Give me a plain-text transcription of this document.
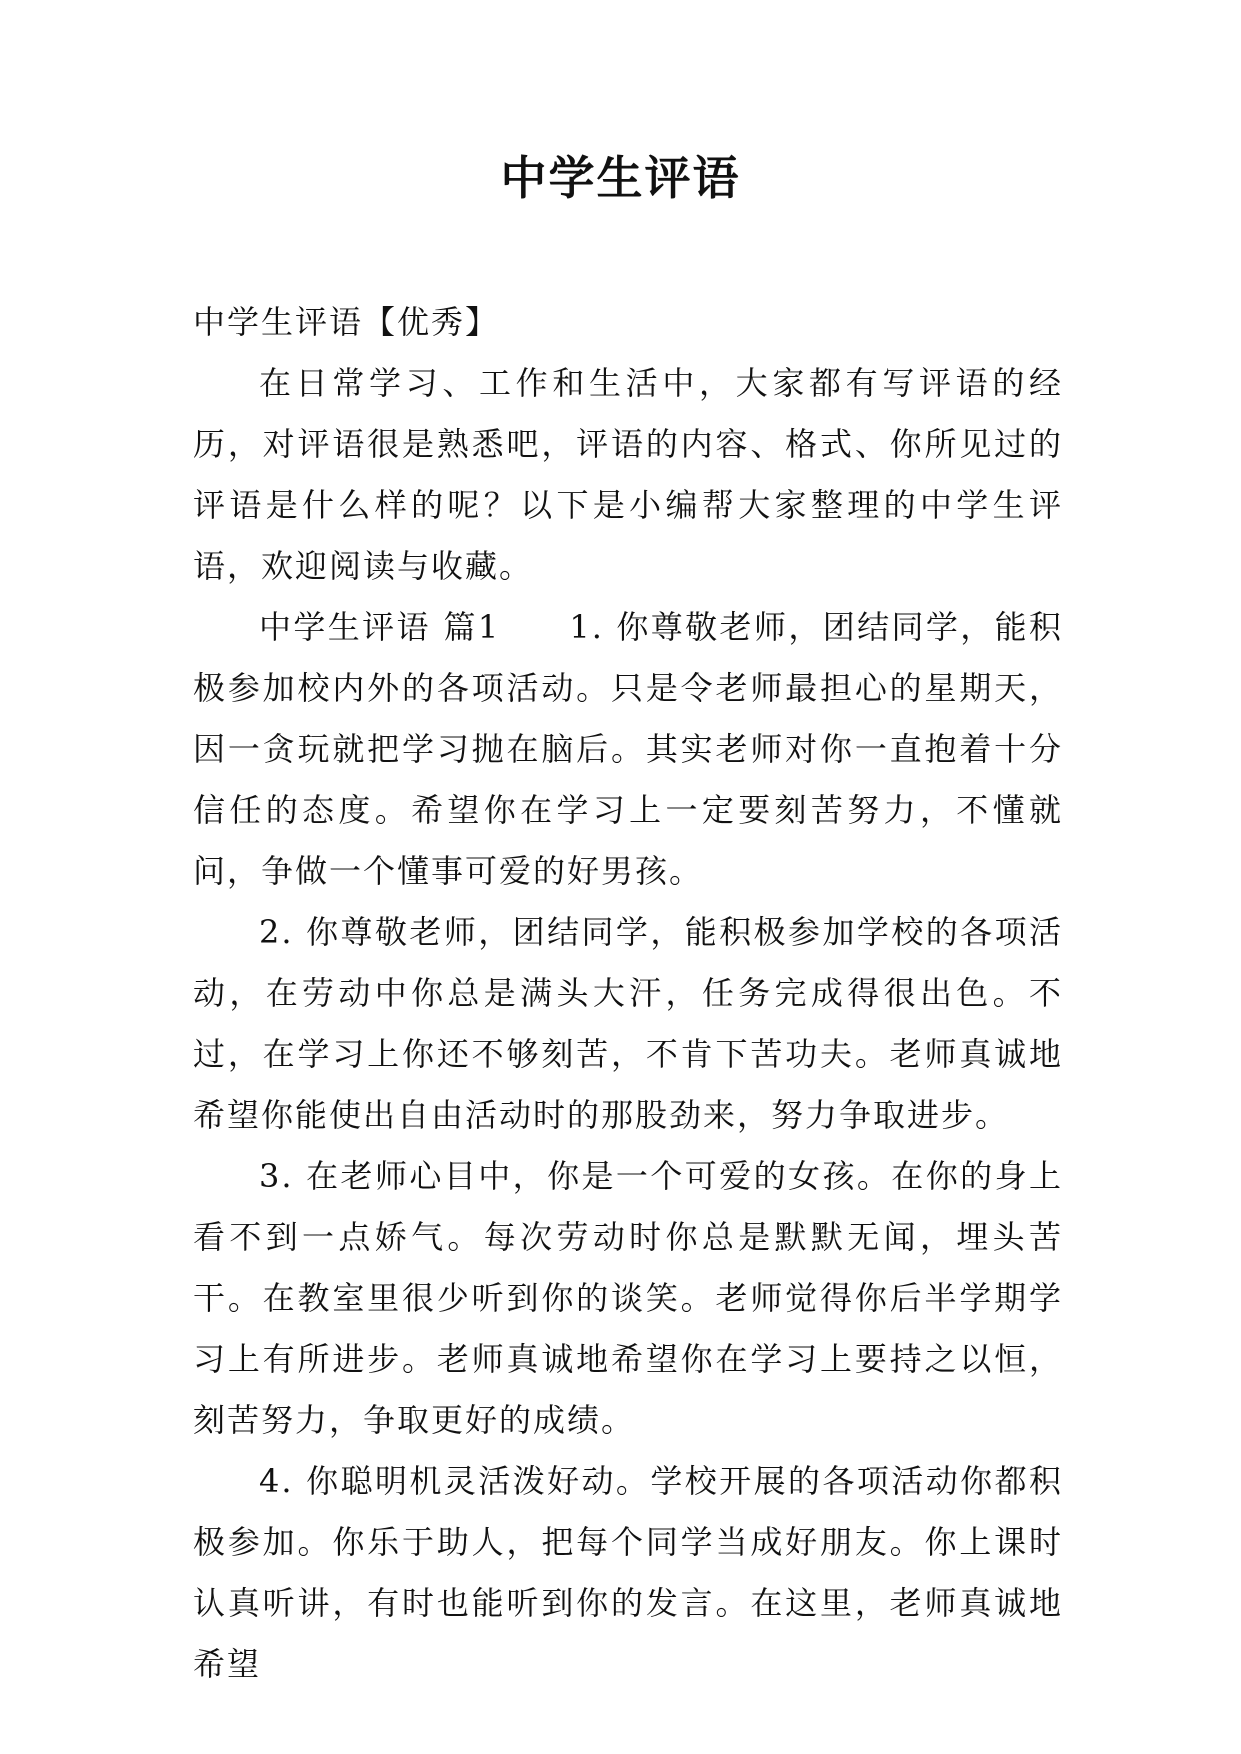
中学生评语

中学生评语【优秀】

在日常学习、工作和生活中，大家都有写评语的经历，对评语很是熟悉吧，评语的内容、格式、你所见过的评语是什么样的呢？以下是小编帮大家整理的中学生评语，欢迎阅读与收藏。

中学生评语 篇1　　1. 你尊敬老师，团结同学，能积极参加校内外的各项活动。只是令老师最担心的星期天，因一贪玩就把学习抛在脑后。其实老师对你一直抱着十分信任的态度。希望你在学习上一定要刻苦努力，不懂就问，争做一个懂事可爱的好男孩。

2. 你尊敬老师，团结同学，能积极参加学校的各项活动，在劳动中你总是满头大汗，任务完成得很出色。不过，在学习上你还不够刻苦，不肯下苦功夫。老师真诚地希望你能使出自由活动时的那股劲来，努力争取进步。

3. 在老师心目中，你是一个可爱的女孩。在你的身上看不到一点娇气。每次劳动时你总是默默无闻，埋头苦干。在教室里很少听到你的谈笑。老师觉得你后半学期学习上有所进步。老师真诚地希望你在学习上要持之以恒，刻苦努力，争取更好的成绩。

4. 你聪明机灵活泼好动。学校开展的各项活动你都积极参加。你乐于助人，把每个同学当成好朋友。你上课时认真听讲，有时也能听到你的发言。在这里，老师真诚地希望
